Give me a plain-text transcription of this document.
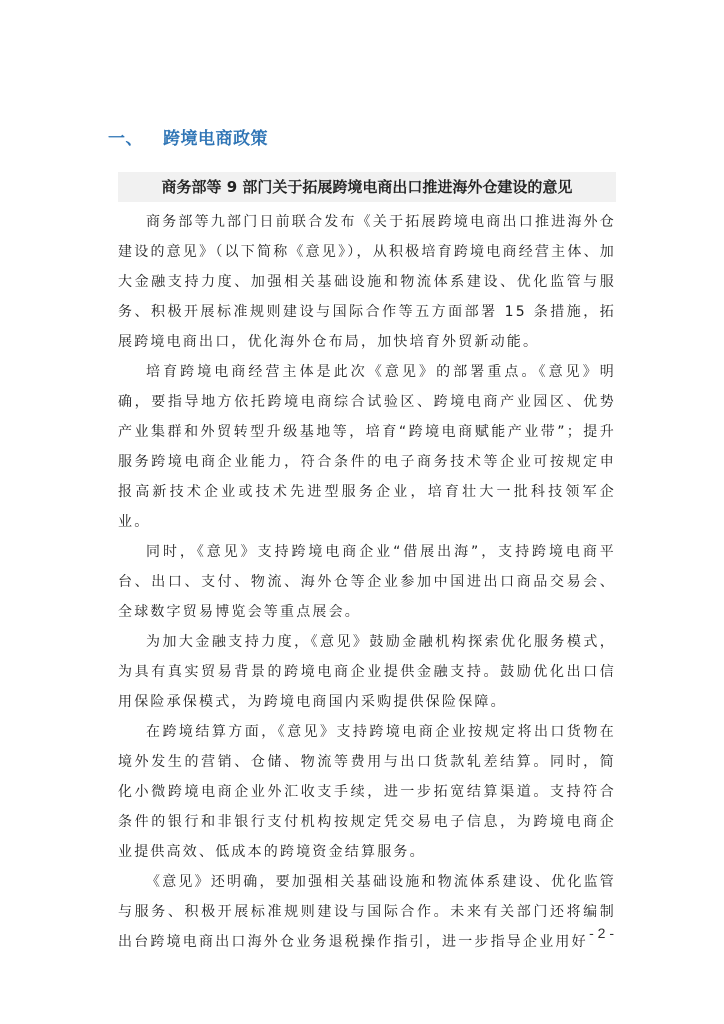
一、 跨境电商政策
商务部等 9 部门关于拓展跨境电商出口推进海外仓建设的意见

商务部等九部门日前联合发布《关于拓展跨境电商出口推进海外仓建设的意见》（以下简称《意见》），从积极培育跨境电商经营主体、加大金融支持力度、加强相关基础设施和物流体系建设、优化监管与服务、积极开展标准规则建设与国际合作等五方面部署 15 条措施，拓展跨境电商出口，优化海外仓布局，加快培育外贸新动能。

培育跨境电商经营主体是此次《意见》的部署重点。《意见》明确，要指导地方依托跨境电商综合试验区、跨境电商产业园区、优势产业集群和外贸转型升级基地等，培育“跨境电商赋能产业带”；提升服务跨境电商企业能力，符合条件的电子商务技术等企业可按规定申报高新技术企业或技术先进型服务企业，培育壮大一批科技领军企业。

同时，《意见》支持跨境电商企业“借展出海”，支持跨境电商平台、出口、支付、物流、海外仓等企业参加中国进出口商品交易会、全球数字贸易博览会等重点展会。

为加大金融支持力度，《意见》鼓励金融机构探索优化服务模式，为具有真实贸易背景的跨境电商企业提供金融支持。鼓励优化出口信用保险承保模式，为跨境电商国内采购提供保险保障。

在跨境结算方面，《意见》支持跨境电商企业按规定将出口货物在境外发生的营销、仓储、物流等费用与出口货款轧差结算。同时，简化小微跨境电商企业外汇收支手续，进一步拓宽结算渠道。支持符合条件的银行和非银行支付机构按规定凭交易电子信息，为跨境电商企业提供高效、低成本的跨境资金结算服务。

《意见》还明确，要加强相关基础设施和物流体系建设、优化监管与服务、积极开展标准规则建设与国际合作。未来有关部门还将编制出台跨境电商出口海外仓业务退税操作指引，进一步指导企业用好

- 2 -
